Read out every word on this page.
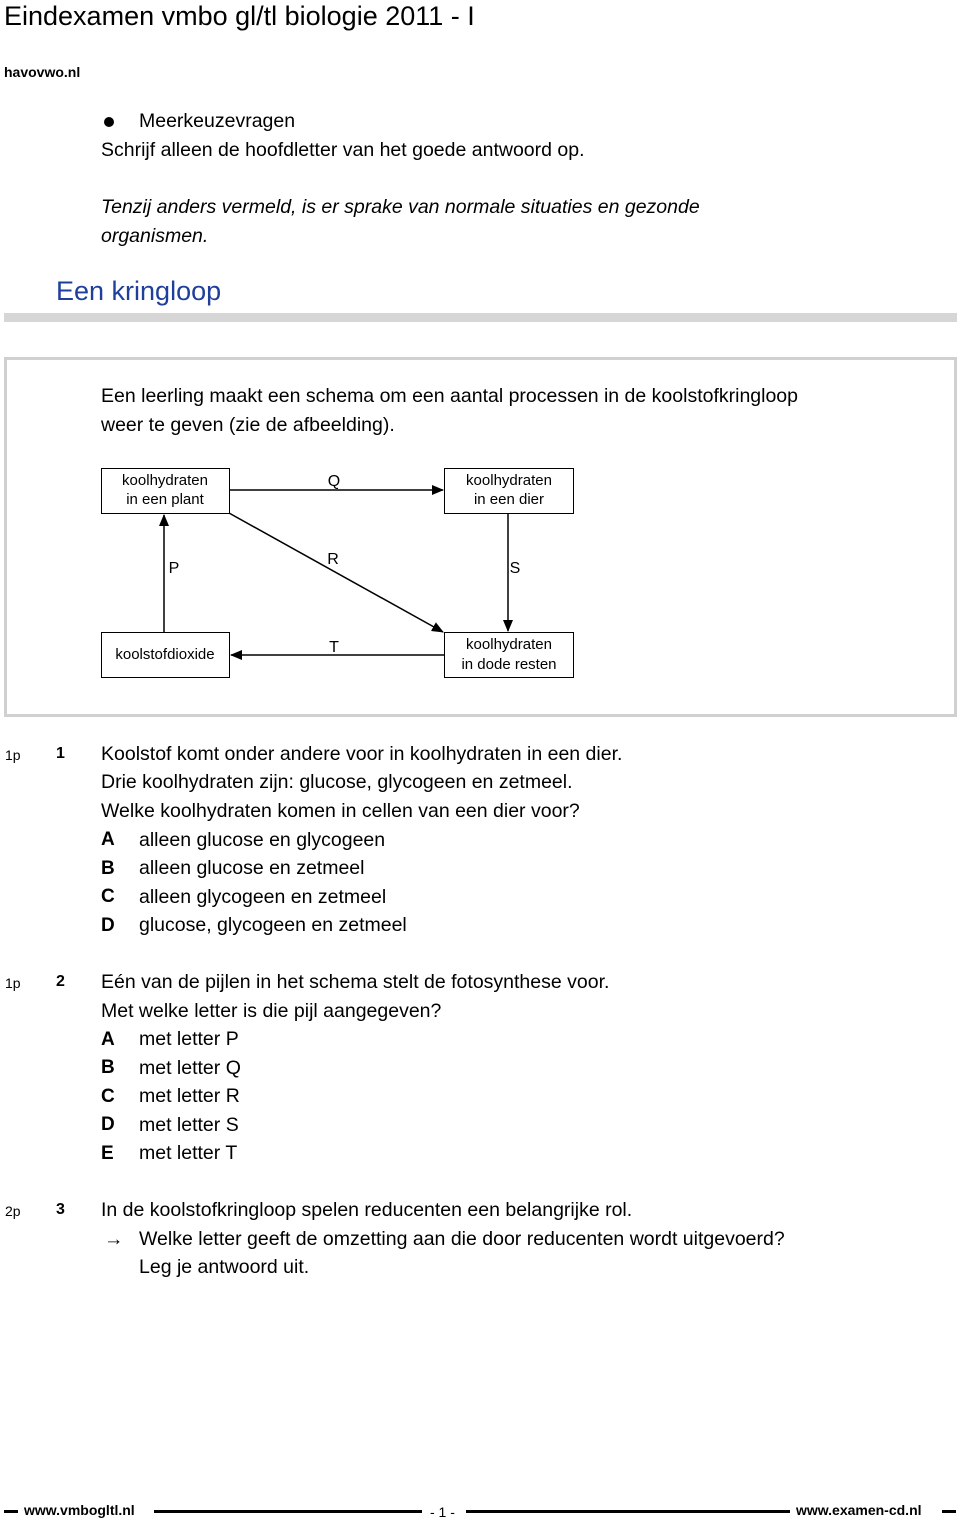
Eindexamen vmbo gl/tl biologie 2011 - I
havovwo.nl
Meerkeuzevragen
Schrijf alleen de hoofdletter van het goede antwoord op.
Tenzij anders vermeld, is er sprake van normale situaties en gezonde
organismen.
Een kringloop
Een leerling maakt een schema om een aantal processen in de koolstofkringloop
weer te geven (zie de afbeelding).
koolhydraten
in een plant
koolhydraten
in een dier
koolstofdioxide
koolhydraten
in dode resten
Q
P
R
S
T
1p 1 Koolstof komt onder andere voor in koolhydraten in een dier.
Drie koolhydraten zijn: glucose, glycogeen en zetmeel.
Welke koolhydraten komen in cellen van een dier voor?
A alleen glucose en glycogeen
B alleen glucose en zetmeel
C alleen glycogeen en zetmeel
D glucose, glycogeen en zetmeel
1p 2 Eén van de pijlen in het schema stelt de fotosynthese voor.
Met welke letter is die pijl aangegeven?
A met letter P
B met letter Q
C met letter R
D met letter S
E met letter T
2p 3 In de koolstofkringloop spelen reducenten een belangrijke rol.
→ Welke letter geeft de omzetting aan die door reducenten wordt uitgevoerd?
Leg je antwoord uit.
www.vmbogltl.nl	- 1 -	www.examen-cd.nl
